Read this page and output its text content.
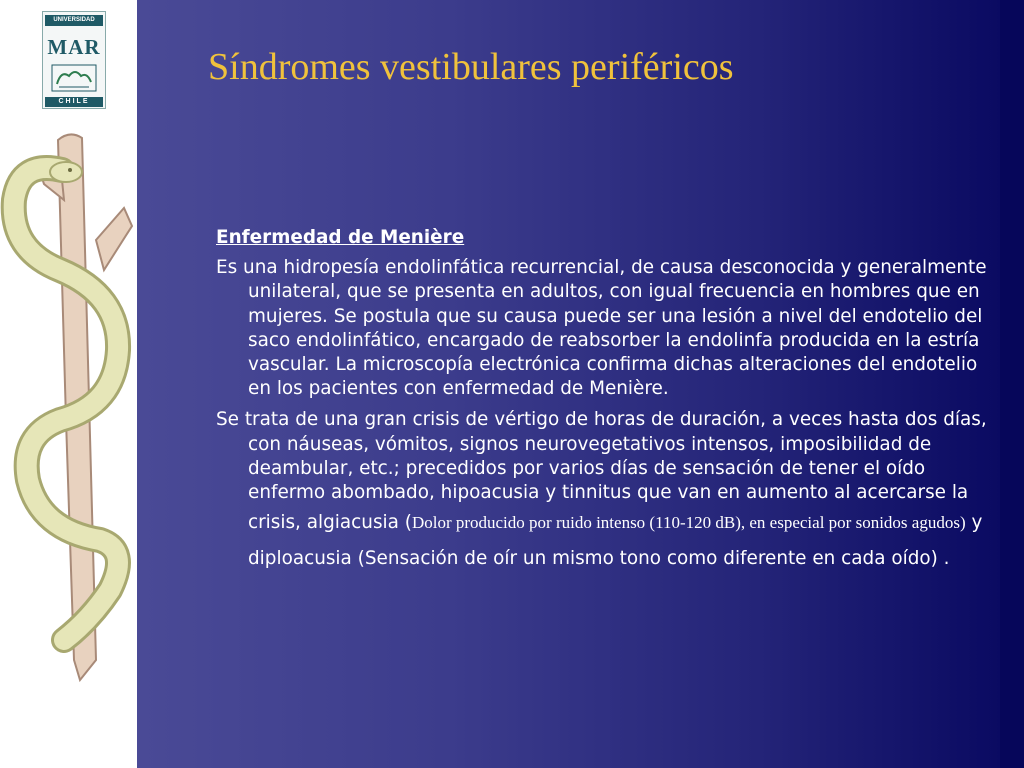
UNIVERSIDAD
MAR
CHILE
Síndromes vestibulares periféricos
Enfermedad de Menière

Es una hidropesía endolinfática recurrencial, de causa desconocida y generalmente unilateral, que se presenta en adultos, con igual frecuencia en hombres que en mujeres. Se postula que su causa puede ser una lesión a nivel del endotelio del saco endolinfático, encargado de reabsorber la endolinfa producida en la estría vascular. La microscopía electrónica confirma dichas alteraciones del endotelio en los pacientes con enfermedad de Menière.

Se trata de una gran crisis de vértigo de horas de duración, a veces hasta dos días, con náuseas, vómitos, signos neurovegetativos intensos, imposibilidad de deambular, etc.; precedidos por varios días de sensación de tener el oído enfermo abombado, hipoacusia y tinnitus que van en aumento al acercarse la crisis, algiacusia (Dolor producido por ruido intenso (110-120 dB), en especial por sonidos agudos) y diploacusia (Sensación de oír un mismo tono como diferente en cada oído) .
